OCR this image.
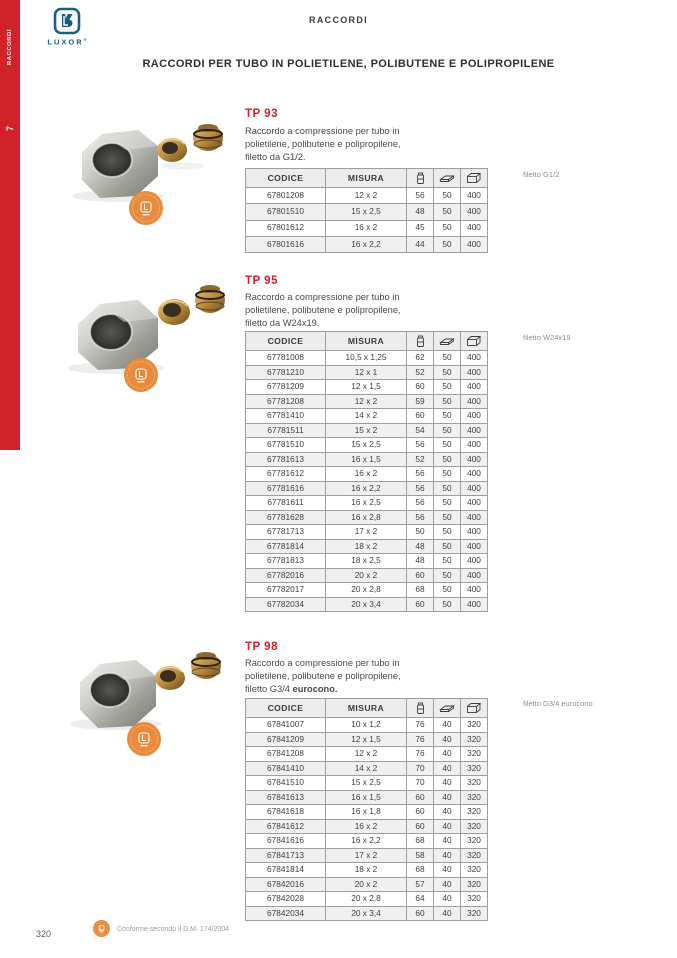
RACCORDI
7
LUXOR®
RACCORDI
RACCORDI PER TUBO IN POLIETILENE, POLIBUTENE E POLIPROPILENE
TP 93
Raccordo a compressione per tubo in
polietilene, polibutene e polipropilene,
filetto da G1/2.
filetto G1/2
CODICE	MISURA	

67801208	12 x 2	56	50	400
67801510	15 x 2,5	48	50	400
67801612	16 x 2	45	50	400
67801616	16 x 2,2	44	50	400
TP 95
Raccordo a compressione per tubo in
polietilene, polibutene e polipropilene,
filetto da W24x19.
filetto W24x19
CODICE	MISURA	

67781008	10,5 x 1,25	62	50	400
67781210	12 x 1	52	50	400
67781209	12 x 1,5	60	50	400
67781208	12 x 2	59	50	400
67781410	14 x 2	60	50	400
67781511	15 x 2	54	50	400
67781510	15 x 2,5	56	50	400
67781613	16 x 1,5	52	50	400
67781612	16 x 2	56	50	400
67781616	16 x 2,2	56	50	400
67781611	16 x 2,5	56	50	400
67781628	16 x 2,8	56	50	400
67781713	17 x 2	50	50	400
67781814	18 x 2	48	50	400
67781813	18 x 2,5	48	50	400
67782016	20 x 2	60	50	400
67782017	20 x 2,8	68	50	400
67782034	20 x 3,4	60	50	400
TP 98
Raccordo a compressione per tubo in
polietilene, polibutene e polipropilene,
filetto G3/4 eurocono.
filetto G3/4 eurocono
CODICE	MISURA	

67841007	10 x 1,2	76	40	320
67841209	12 x 1,5	76	40	320
67841208	12 x 2	76	40	320
67841410	14 x 2	70	40	320
67841510	15 x 2,5	70	40	320
67841613	16 x 1,5	60	40	320
67841618	16 x 1,8	60	40	320
67841612	16 x 2	60	40	320
67841616	16 x 2,2	68	40	320
67841713	17 x 2	58	40	320
67841814	18 x 2	68	40	320
67842016	20 x 2	57	40	320
67842028	20 x 2,8	64	40	320
67842034	20 x 3,4	60	40	320
320	Conforme secondo il D.M. 174/2004
